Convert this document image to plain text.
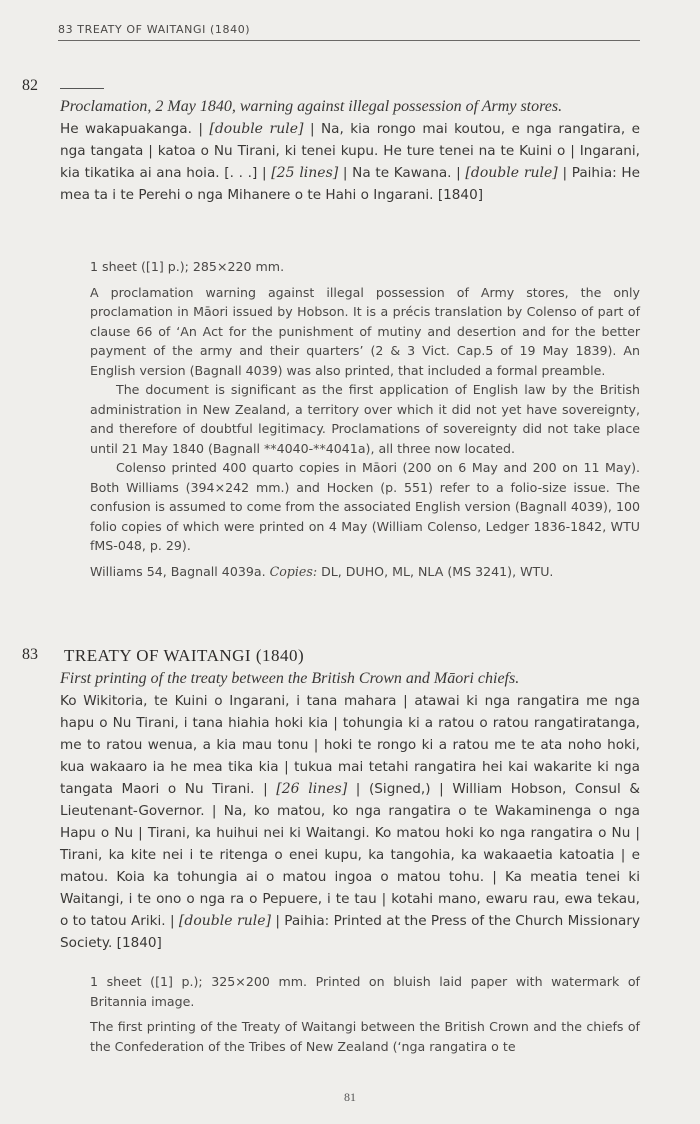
83 TREATY OF WAITANGI (1840)
82
Proclamation, 2 May 1840, warning against illegal possession of Army stores.
He wakapuakanga. | [double rule] | Na, kia rongo mai koutou, e nga rangatira, e nga tangata | katoa o Nu Tirani, ki tenei kupu. He ture tenei na te Kuini o | Ingarani, kia tikatika ai ana hoia. [. . .] | [25 lines] | Na te Kawana. | [double rule] | Paihia: He mea ta i te Perehi o nga Mihanere o te Hahi o Ingarani. [1840]

1 sheet ([1] p.); 285×220 mm.

A proclamation warning against illegal possession of Army stores, the only proclamation in Māori issued by Hobson. It is a précis translation by Colenso of part of clause 66 of ‘An Act for the punishment of mutiny and desertion and for the better payment of the army and their quarters’ (2 & 3 Vict. Cap.5 of 19 May 1839). An English version (Bagnall 4039) was also printed, that included a formal preamble.

The document is significant as the first application of English law by the British administration in New Zealand, a territory over which it did not yet have sovereignty, and therefore of doubtful legitimacy. Proclamations of sovereignty did not take place until 21 May 1840 (Bagnall **4040-**4041a), all three now located.

Colenso printed 400 quarto copies in Māori (200 on 6 May and 200 on 11 May). Both Williams (394×242 mm.) and Hocken (p. 551) refer to a folio-size issue. The confusion is assumed to come from the associated English version (Bagnall 4039), 100 folio copies of which were printed on 4 May (William Colenso, Ledger 1836-1842, WTU fMS-048, p. 29).

Williams 54, Bagnall 4039a. Copies: DL, DUHO, ML, NLA (MS 3241), WTU.

83 TREATY OF WAITANGI (1840)
First printing of the treaty between the British Crown and Māori chiefs.
Ko Wikitoria, te Kuini o Ingarani, i tana mahara | atawai ki nga rangatira me nga hapu o Nu Tirani, i tana hiahia hoki kia | tohungia ki a ratou o ratou rangatiratanga, me to ratou wenua, a kia mau tonu | hoki te rongo ki a ratou me te ata noho hoki, kua wakaaro ia he mea tika kia | tukua mai tetahi rangatira hei kai wakarite ki nga tangata Maori o Nu Tirani. | [26 lines] | (Signed,) | William Hobson, Consul & Lieutenant-Governor. | Na, ko matou, ko nga rangatira o te Wakaminenga o nga Hapu o Nu | Tirani, ka huihui nei ki Waitangi. Ko matou hoki ko nga rangatira o Nu | Tirani, ka kite nei i te ritenga o enei kupu, ka tangohia, ka wakaaetia katoatia | e matou. Koia ka tohungia ai o matou ingoa o matou tohu. | Ka meatia tenei ki Waitangi, i te ono o nga ra o Pepuere, i te tau | kotahi mano, ewaru rau, ewa tekau, o to tatou Ariki. | [double rule] | Paihia: Printed at the Press of the Church Missionary Society. [1840]

1 sheet ([1] p.); 325×200 mm. Printed on bluish laid paper with watermark of Britannia image.

The first printing of the Treaty of Waitangi between the British Crown and the chiefs of the Confederation of the Tribes of New Zealand (‘nga rangatira o te

81
